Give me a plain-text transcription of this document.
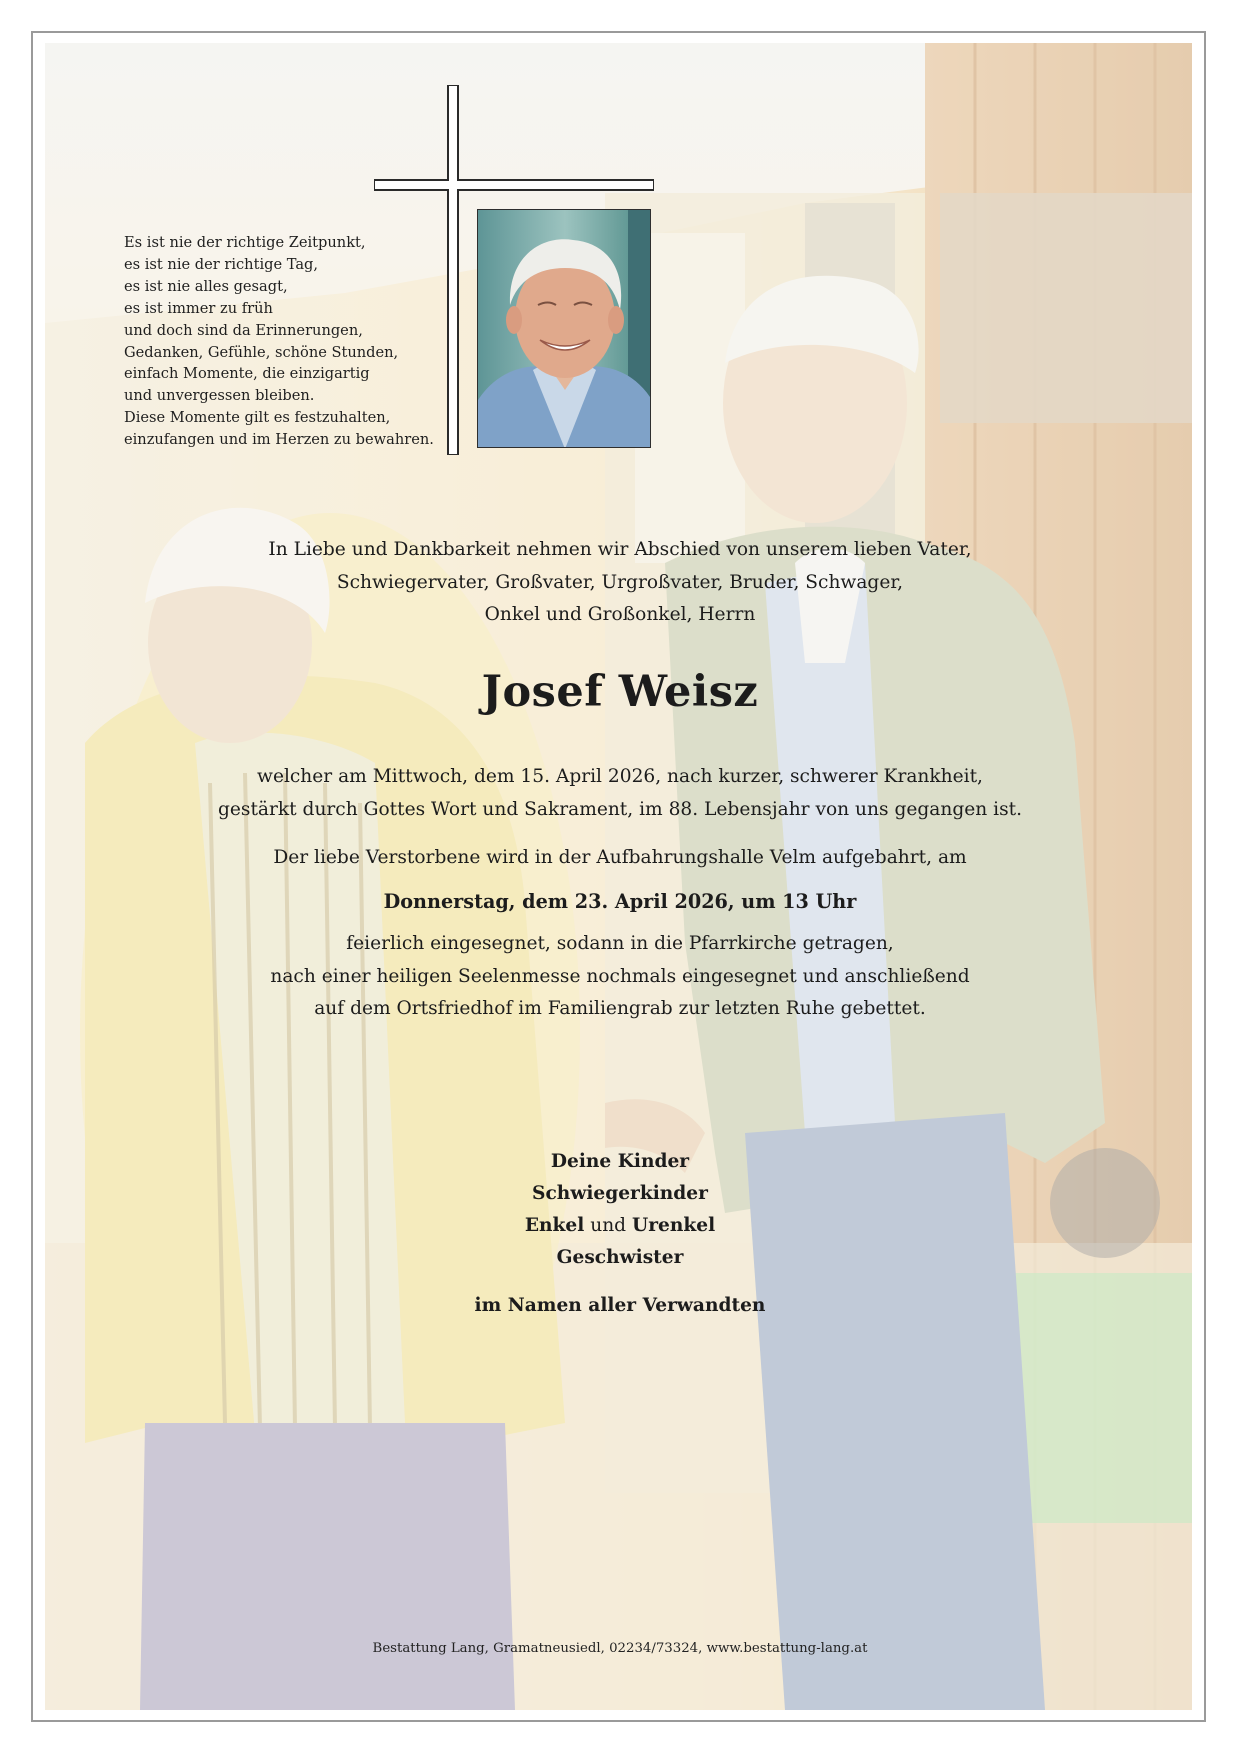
Es ist nie der richtige Zeitpunkt,
es ist nie der richtige Tag,
es ist nie alles gesagt,
es ist immer zu früh
und doch sind da Erinnerungen,
Gedanken, Gefühle, schöne Stunden,
einfach Momente, die einzigartig
und unvergessen bleiben.
Diese Momente gilt es festzuhalten,
einzufangen und im Herzen zu bewahren.
In Liebe und Dankbarkeit nehmen wir Abschied von unserem lieben Vater,
Schwiegervater, Großvater, Urgroßvater, Bruder, Schwager,
Onkel und Großonkel, Herrn
Josef Weisz
welcher am Mittwoch, dem 15. April 2026, nach kurzer, schwerer Krankheit,
gestärkt durch Gottes Wort und Sakrament, im 88. Lebensjahr von uns gegangen ist.
Der liebe Verstorbene wird in der Aufbahrungshalle Velm aufgebahrt, am
Donnerstag, dem 23. April 2026, um 13 Uhr
feierlich eingesegnet, sodann in die Pfarrkirche getragen,
nach einer heiligen Seelenmesse nochmals eingesegnet und anschließend
auf dem Ortsfriedhof im Familiengrab zur letzten Ruhe gebettet.
Deine Kinder
Schwiegerkinder
Enkel und Urenkel
Geschwister
im Namen aller Verwandten
Bestattung Lang, Gramatneusiedl, 02234/73324, www.bestattung-lang.at
